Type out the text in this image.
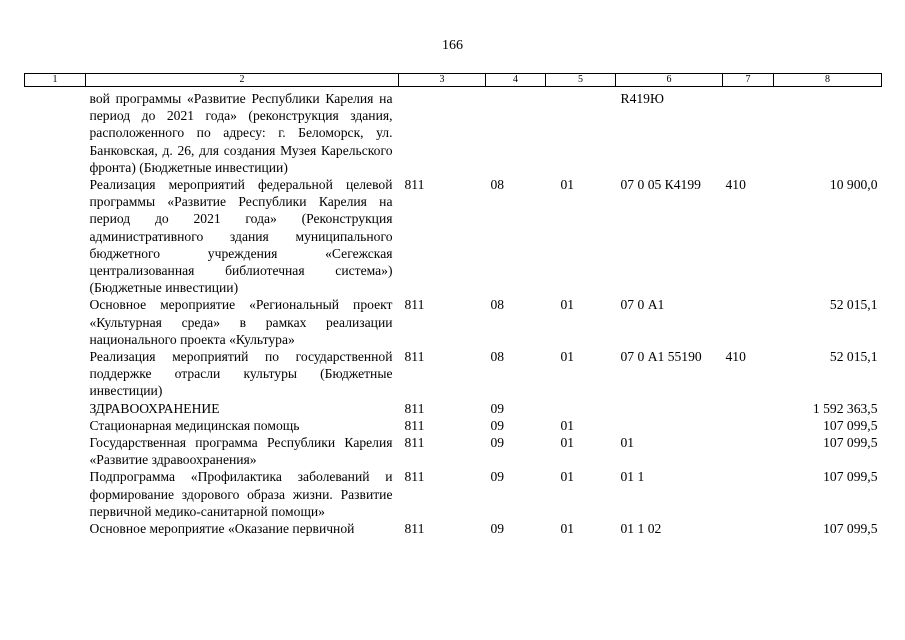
166
1	2	3	4	5	6	7	8
	вой программы «Развитие Республики Карелия на период до 2021 года» (реконструкция здания, расположенного по адресу: г. Беломорск, ул. Банковская, д. 26, для создания Музея Карельского фронта) (Бюджетные инвестиции)				R419Ю		
	Реализация мероприятий федеральной целевой программы «Развитие Республики Карелия на период до 2021 года» (Реконструкция административного здания муниципального бюджетного учреждения «Сегежская централизованная библиотечная система») (Бюджетные инвестиции)	811	08	01	07 0 05 К4199	410	10 900,0
	Основное мероприятие «Региональный проект «Культурная среда» в рамках реализации национального проекта «Культура»	811	08	01	07 0 А1		52 015,1
	Реализация мероприятий по государственной поддержке отрасли культуры (Бюджетные инвестиции)	811	08	01	07 0 А1 55190	410	52 015,1
	ЗДРАВООХРАНЕНИЕ	811	09				1 592 363,5
	Стационарная медицинская помощь	811	09	01			107 099,5
	Государственная программа Республики Карелия «Развитие здравоохранения»	811	09	01	01		107 099,5
	Подпрограмма «Профилактика заболеваний и формирование здорового образа жизни. Развитие первичной медико-санитарной помощи»	811	09	01	01 1		107 099,5
	Основное мероприятие «Оказание первичной	811	09	01	01 1 02		107 099,5
